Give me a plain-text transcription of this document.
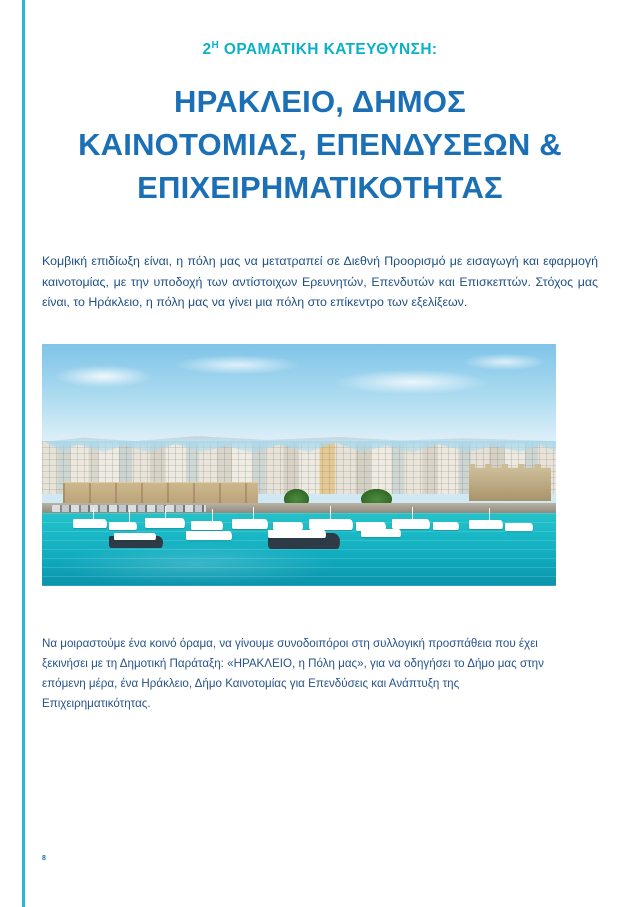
$2^H$ ΟΡΑΜΑΤΙΚΗ ΚΑΤΕΥΘΥΝΣΗ:
ΗΡΑΚΛΕΙΟ, ΔΗΜΟΣ
ΚΑΙΝΟΤΟΜΙΑΣ, ΕΠΕΝΔΥΣΕΩΝ &
ΕΠΙΧΕΙΡΗΜΑΤΙΚΟΤΗΤΑΣ

Κομβική επιδίωξη είναι, η πόλη μας να μετατραπεί σε Διεθνή Προορισμό με εισαγωγή και εφαρμογή καινοτομίας, με την υποδοχή των αντίστοιχων Ερευνητών, Επενδυτών και Επισκεπτών. Στόχος μας είναι, το Ηράκλειο, η πόλη μας να γίνει μια πόλη στο επίκεντρο των εξελίξεων.

Να μοιραστούμε ένα κοινό όραμα, να γίνουμε συνοδοιπόροι στη συλλογική προσπάθεια που έχει ξεκινήσει με τη Δημοτική Παράταξη: «ΗΡΑΚΛΕΙΟ, η Πόλη μας», για να οδηγήσει το Δήμο μας στην επόμενη μέρα, ένα Ηράκλειο, Δήμο Καινοτομίας για Επενδύσεις και Ανάπτυξη της Επιχειρηματικότητας.

8
